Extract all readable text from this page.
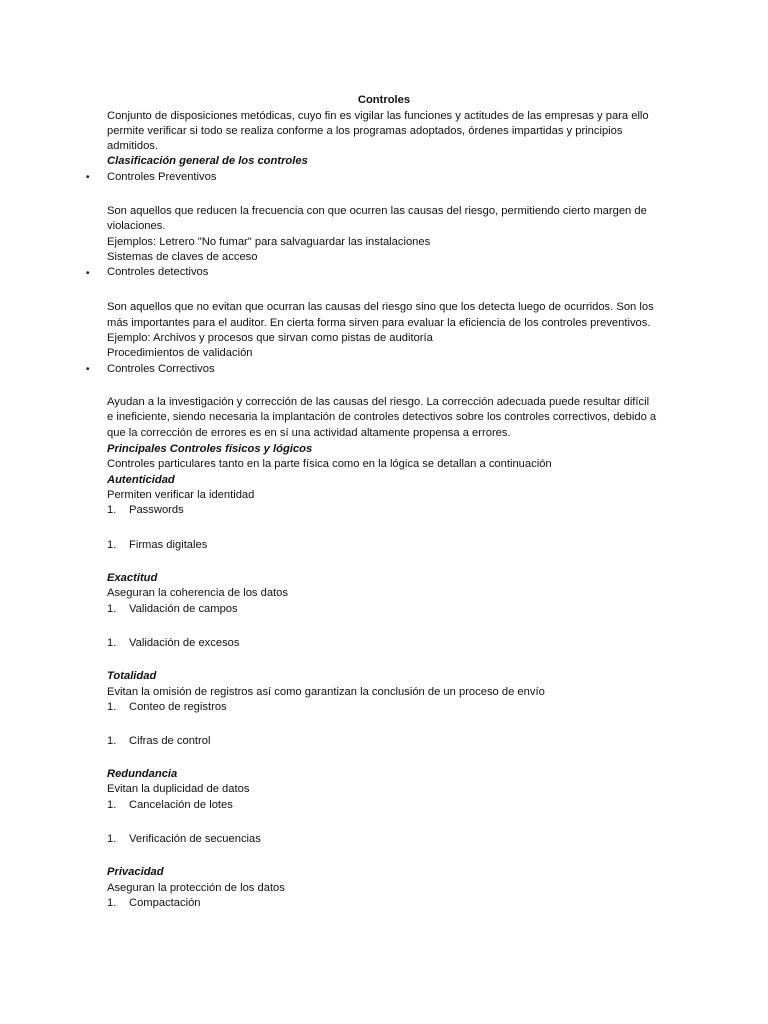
Controles
Conjunto de disposiciones metódicas, cuyo fin es vigilar las funciones y actitudes de las empresas y para ello
permite verificar si todo se realiza conforme a los programas adoptados, órdenes impartidas y principios
admitidos.
Clasificación general de los controles
• Controles Preventivos
Son aquellos que reducen la frecuencia con que ocurren las causas del riesgo, permitiendo cierto margen de
violaciones.
Ejemplos: Letrero "No fumar" para salvaguardar las instalaciones
Sistemas de claves de acceso
• Controles detectivos
Son aquellos que no evitan que ocurran las causas del riesgo sino que los detecta luego de ocurridos. Son los
más importantes para el auditor. En cierta forma sirven para evaluar la eficiencia de los controles preventivos.
Ejemplo: Archivos y procesos que sirvan como pistas de auditoría
Procedimientos de validación
• Controles Correctivos
Ayudan a la investigación y corrección de las causas del riesgo. La corrección adecuada puede resultar difícil
e ineficiente, siendo necesaria la implantación de controles detectivos sobre los controles correctivos, debido a
que la corrección de errores es en sí una actividad altamente propensa a errores.
Principales Controles físicos y lógicos
Controles particulares tanto en la parte física como en la lógica se detallan a continuación
Autenticidad
Permiten verificar la identidad
1. Passwords
1. Firmas digitales
Exactitud
Aseguran la coherencia de los datos
1. Validación de campos
1. Validación de excesos
Totalidad
Evitan la omisión de registros así como garantizan la conclusión de un proceso de envío
1. Conteo de registros
1. Cifras de control
Redundancia
Evitan la duplicidad de datos
1. Cancelación de lotes
1. Verificación de secuencias
Privacidad
Aseguran la protección de los datos
1. Compactación
